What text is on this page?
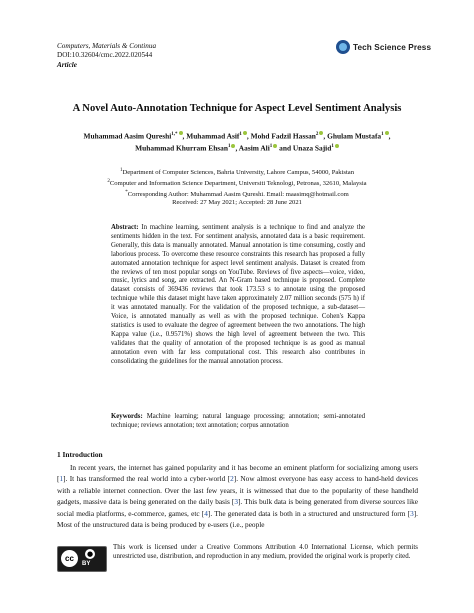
Computers, Materials & Continua
DOI:10.32604/cmc.2022.020544
Article
Tech Science Press
A Novel Auto-Annotation Technique for Aspect Level Sentiment Analysis
Muhammad Aasim Qureshi$^{1,*}$ , Muhammad Asif$^1$ , Mohd Fadzil Hassan$^2$ , Ghulam Mustafa$^1$ ,
Muhammad Khurram Ehsan$^1$ , Aasim Ali$^1$ and Unaza Sajid$^1$
$^1$Department of Computer Sciences, Bahria University, Lahore Campus, 54000, Pakistan
$^2$Computer and Information Science Department, Universiti Teknologi, Petronas, 32610, Malaysia
*Corresponding Author: Muhammad Aasim Qureshi. Email: maasimq@hotmail.com
Received: 27 May 2021; Accepted: 28 June 2021
Abstract: In machine learning, sentiment analysis is a technique to find and analyze the sentiments hidden in the text. For sentiment analysis, annotated data is a basic requirement. Generally, this data is manually annotated. Manual annotation is time consuming, costly and laborious process. To overcome these resource constraints this research has proposed a fully automated annotation technique for aspect level sentiment analysis. Dataset is created from the reviews of ten most popular songs on YouTube. Reviews of five aspects—voice, video, music, lyrics and song, are extracted. An N-Gram based technique is proposed. Complete dataset consists of 369436 reviews that took 173.53 s to annotate using the proposed technique while this dataset might have taken approximately 2.07 million seconds (575 h) if it was annotated manually. For the validation of the proposed technique, a sub-dataset—Voice, is annotated manually as well as with the proposed technique. Cohen's Kappa statistics is used to evaluate the degree of agreement between the two annotations. The high Kappa value (i.e., 0.9571%) shows the high level of agreement between the two. This validates that the quality of annotation of the proposed technique is as good as manual annotation even with far less computational cost. This research also contributes in consolidating the guidelines for the manual annotation process.
Keywords: Machine learning; natural language processing; annotation; semi-annotated technique; reviews annotation; text annotation; corpus annotation
1 Introduction
In recent years, the internet has gained popularity and it has become an eminent platform for socializing among users [1]. It has transformed the real world into a cyber-world [2]. Now almost everyone has easy access to hand-held devices with a reliable internet connection. Over the last few years, it is witnessed that due to the popularity of these handheld gadgets, massive data is being generated on the daily basis [3]. This bulk data is being generated from diverse sources like social media platforms, e-commerce, games, etc [4]. The generated data is both in a structured and unstructured form [3]. Most of the unstructured data is being produced by e-users (i.e., people
cc	●
BY
This work is licensed under a Creative Commons Attribution 4.0 International License, which permits unrestricted use, distribution, and reproduction in any medium, provided the original work is properly cited.
